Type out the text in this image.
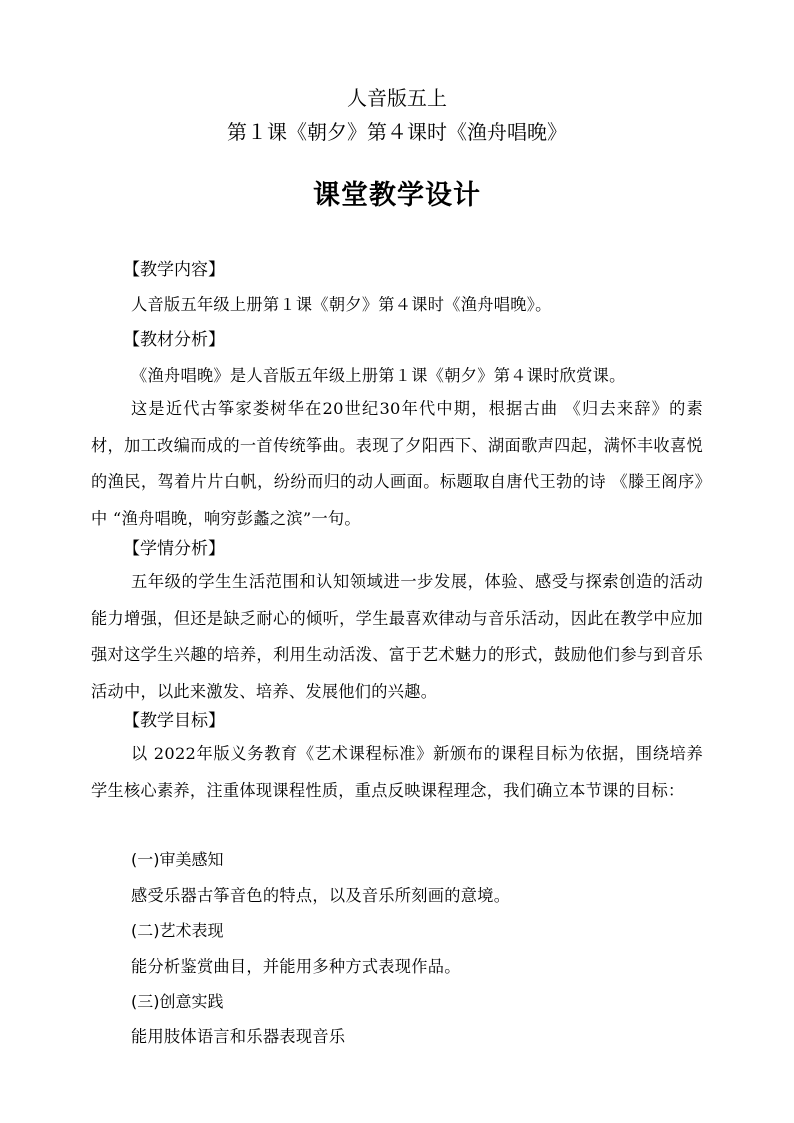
人音版五上
第１课《朝夕》第４课时《渔舟唱晚》
课堂教学设计
【教学内容】
人音版五年级上册第１课《朝夕》第４课时《渔舟唱晚》。
【教材分析】
《渔舟唱晚》是人音版五年级上册第１课《朝夕》第４课时欣赏课。
这是近代古筝家娄树华在20世纪30年代中期，根据古曲 《归去来辞》的素材，加工改编而成的一首传统筝曲。表现了夕阳西下、湖面歌声四起，满怀丰收喜悦的渔民，驾着片片白帆，纷纷而归的动人画面。标题取自唐代王勃的诗 《滕王阁序》中 “渔舟唱晚，响穷彭蠡之滨”一句。
【学情分析】
五年级的学生生活范围和认知领域进一步发展，体验、感受与探索创造的活动能力增强，但还是缺乏耐心的倾听，学生最喜欢律动与音乐活动，因此在教学中应加强对这学生兴趣的培养，利用生动活泼、富于艺术魅力的形式，鼓励他们参与到音乐活动中，以此来激发、培养、发展他们的兴趣。
【教学目标】
以 2022年版义务教育《艺术课程标准》新颁布的课程目标为依据，围绕培养学生核心素养，注重体现课程性质，重点反映课程理念，我们确立本节课的目标：
(一)审美感知
感受乐器古筝音色的特点，以及音乐所刻画的意境。
(二)艺术表现
能分析鉴赏曲目，并能用多种方式表现作品。
(三)创意实践
能用肢体语言和乐器表现音乐
